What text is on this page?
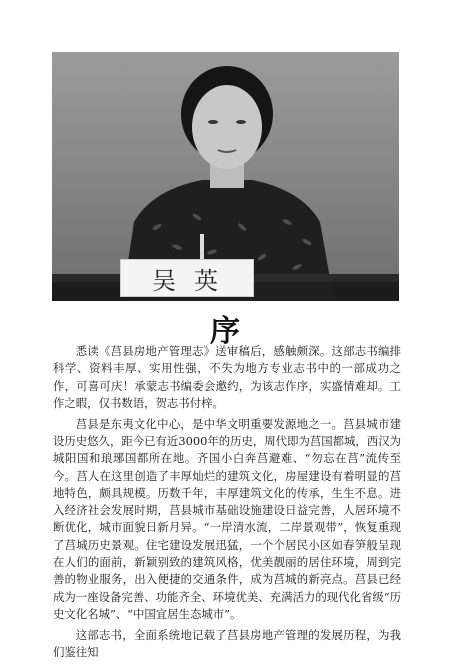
吴英
序

悉读《莒县房地产管理志》送审稿后，感触颇深。这部志书编排科学、资料丰厚、实用性强，不失为地方专业志书中的一部成功之作，可喜可庆！承蒙志书编委会邀约，为该志作序，实盛情难却。工作之暇，仅书数语，贺志书付梓。

莒县是东夷文化中心，是中华文明重要发源地之一。莒县城市建设历史悠久，距今已有近3000年的历史，周代即为莒国都城，西汉为城阳国和琅琊国都所在地。齐国小白奔莒避难、“勿忘在莒”流传至今。莒人在这里创造了丰厚灿烂的建筑文化，房屋建设有着明显的莒地特色，颇具规模。历数千年，丰厚建筑文化的传承，生生不息。进入经济社会发展时期，莒县城市基础设施建设日益完善，人居环境不断优化，城市面貌日新月异。“一岸清水流，二岸景观带”，恢复重现了莒城历史景观。住宅建设发展迅猛，一个个居民小区如春笋般呈现在人们的面前，新颖别致的建筑风格，优美靓丽的居住环境，周到完善的物业服务，出入便捷的交通条件，成为莒城的新亮点。莒县已经成为一座设备完善、功能齐全、环境优美、充满活力的现代化省级“历史文化名城”、“中国宜居生态城市”。

这部志书，全面系统地记载了莒县房地产管理的发展历程，为我们鉴往知
